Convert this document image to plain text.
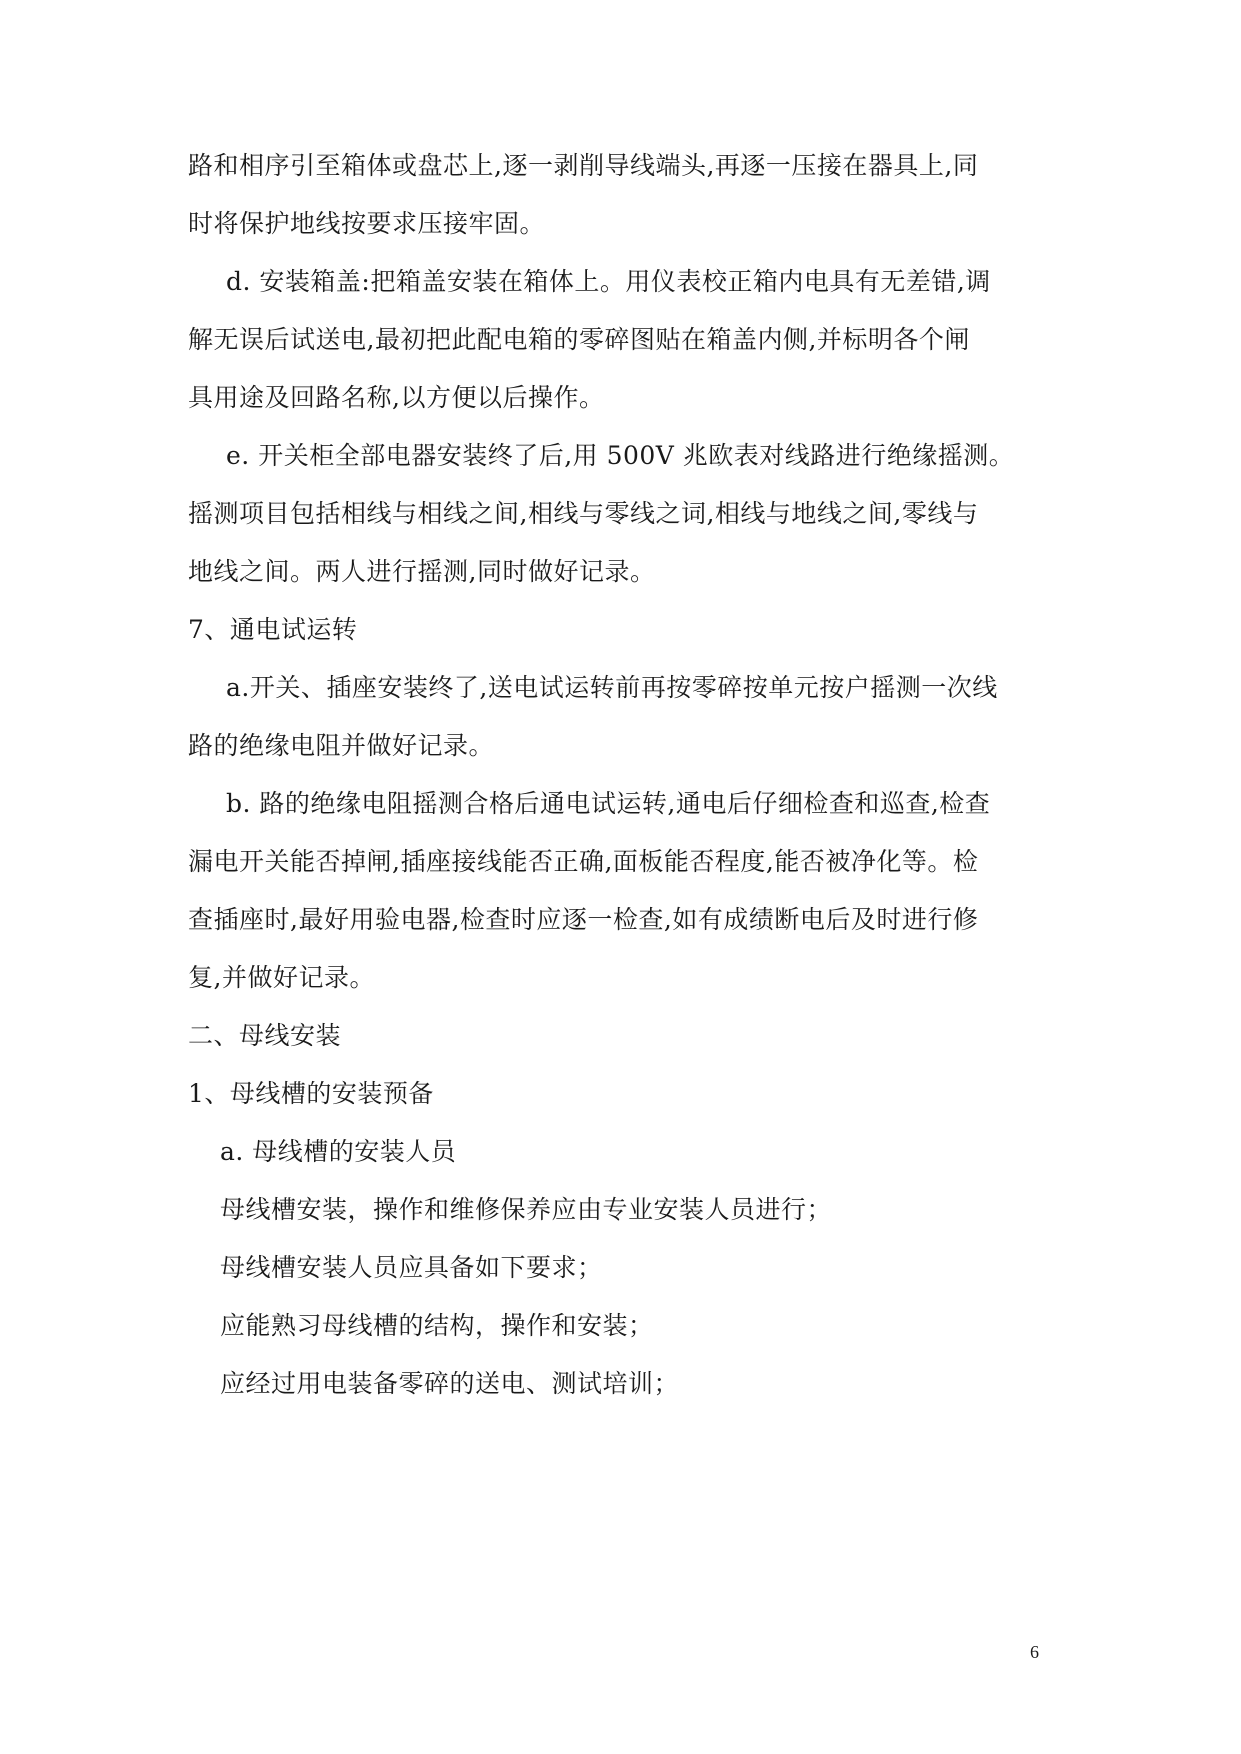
路和相序引至箱体或盘芯上,逐一剥削导线端头,再逐一压接在器具上,同
时将保护地线按要求压接牢固。
d. 安装箱盖:把箱盖安装在箱体上。用仪表校正箱内电具有无差错,调
解无误后试送电,最初把此配电箱的零碎图贴在箱盖内侧,并标明各个闸
具用途及回路名称,以方便以后操作。
e. 开关柜全部电器安装终了后,用 500V 兆欧表对线路进行绝缘摇测。
摇测项目包括相线与相线之间,相线与零线之词,相线与地线之间,零线与
地线之间。两人进行摇测,同时做好记录。
7、通电试运转
a.开关、插座安装终了,送电试运转前再按零碎按单元按户摇测一次线
路的绝缘电阻并做好记录。
b. 路的绝缘电阻摇测合格后通电试运转,通电后仔细检查和巡查,检查
漏电开关能否掉闸,插座接线能否正确,面板能否程度,能否被净化等。检
查插座时,最好用验电器,检查时应逐一检查,如有成绩断电后及时进行修
复,并做好记录。
二、母线安装
1、母线槽的安装预备
a. 母线槽的安装人员
母线槽安装，操作和维修保养应由专业安装人员进行；
母线槽安装人员应具备如下要求；
应能熟习母线槽的结构，操作和安装；
应经过用电装备零碎的送电、测试培训；
6
